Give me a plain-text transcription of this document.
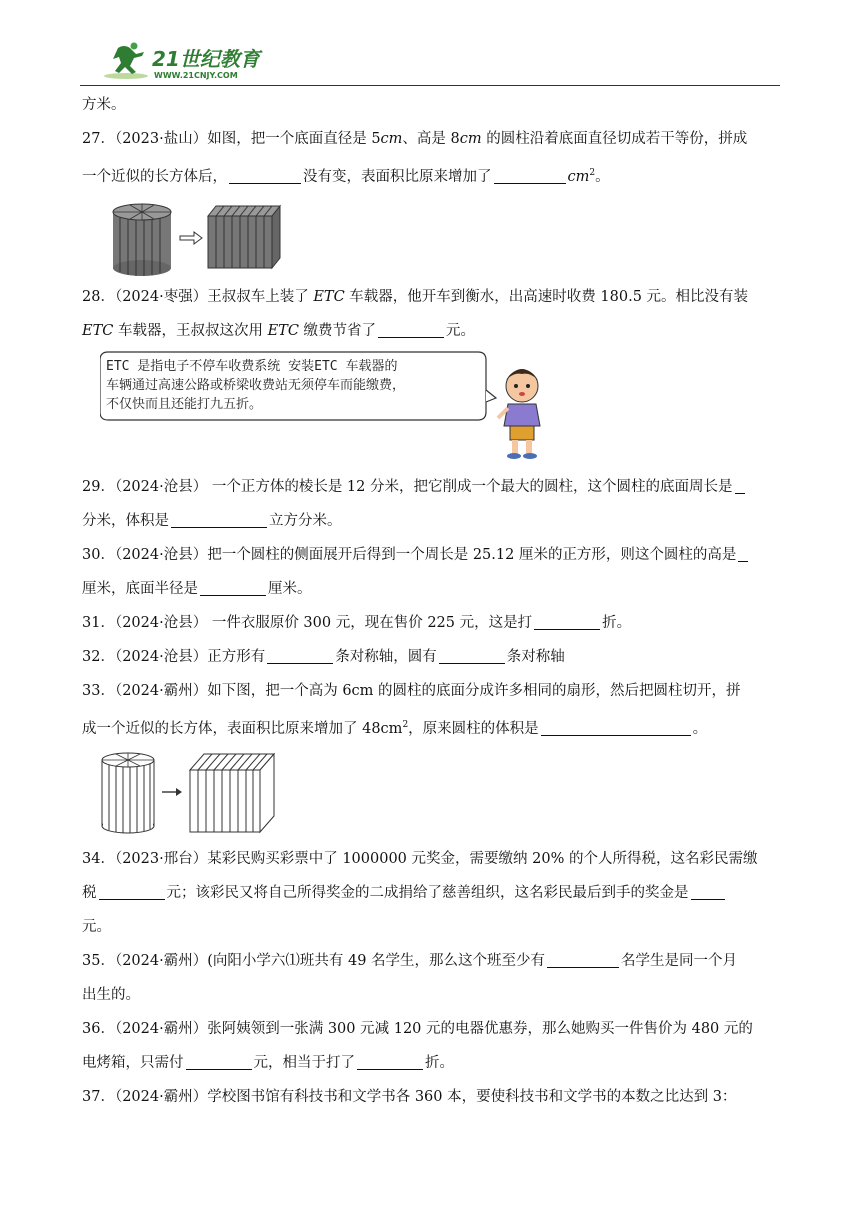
21世纪教育
WWW.21CNJY.COM
方米。
27．（2023·盐山）如图，把一个底面直径是 5cm、高是 8cm 的圆柱沿着底面直径切成若干等份，拼成
一个近似的长方体后，	没有变，表面积比原来增加了	$cm^2$。
28．（2024·枣强）王叔叔车上装了 ETC 车载器，他开车到衡水，出高速时收费 180.5 元。相比没有装
ETC 车载器，王叔叔这次用 ETC 缴费节省了	元。
ETC 是指电子不停车收费系统 安装ETC 车载器的
车辆通过高速公路或桥梁收费站无须停车而能缴费，
不仅快而且还能打九五折。
29．（2024·沧县） 一个正方体的棱长是 12 分米，把它削成一个最大的圆柱，这个圆柱的底面周长是
分米，体积是	立方分米。
30．（2024·沧县）把一个圆柱的侧面展开后得到一个周长是 25.12 厘米的正方形，则这个圆柱的高是
厘米，底面半径是	厘米。
31．（2024·沧县） 一件衣服原价 300 元，现在售价 225 元，这是打	折。
32．（2024·沧县）正方形有	条对称轴，圆有	条对称轴
33．（2024·霸州）如下图，把一个高为 6cm 的圆柱的底面分成许多相同的扇形，然后把圆柱切开，拼
成一个近似的长方体，表面积比原来增加了 $48cm^2$，原来圆柱的体积是	。
34．（2023·邢台）某彩民购买彩票中了 1000000 元奖金，需要缴纳 20% 的个人所得税，这名彩民需缴
税	元；该彩民又将自己所得奖金的二成捐给了慈善组织，这名彩民最后到手的奖金是
元。
35．（2024·霸州）(向阳小学六⑴班共有 49 名学生，那么这个班至少有	名学生是同一个月
出生的。
36．（2024·霸州）张阿姨领到一张满 300 元减 120 元的电器优惠券，那么她购买一件售价为 480 元的
电烤箱，只需付	元，相当于打了	折。
37．（2024·霸州）学校图书馆有科技书和文学书各 360 本，要使科技书和文学书的本数之比达到 3：
